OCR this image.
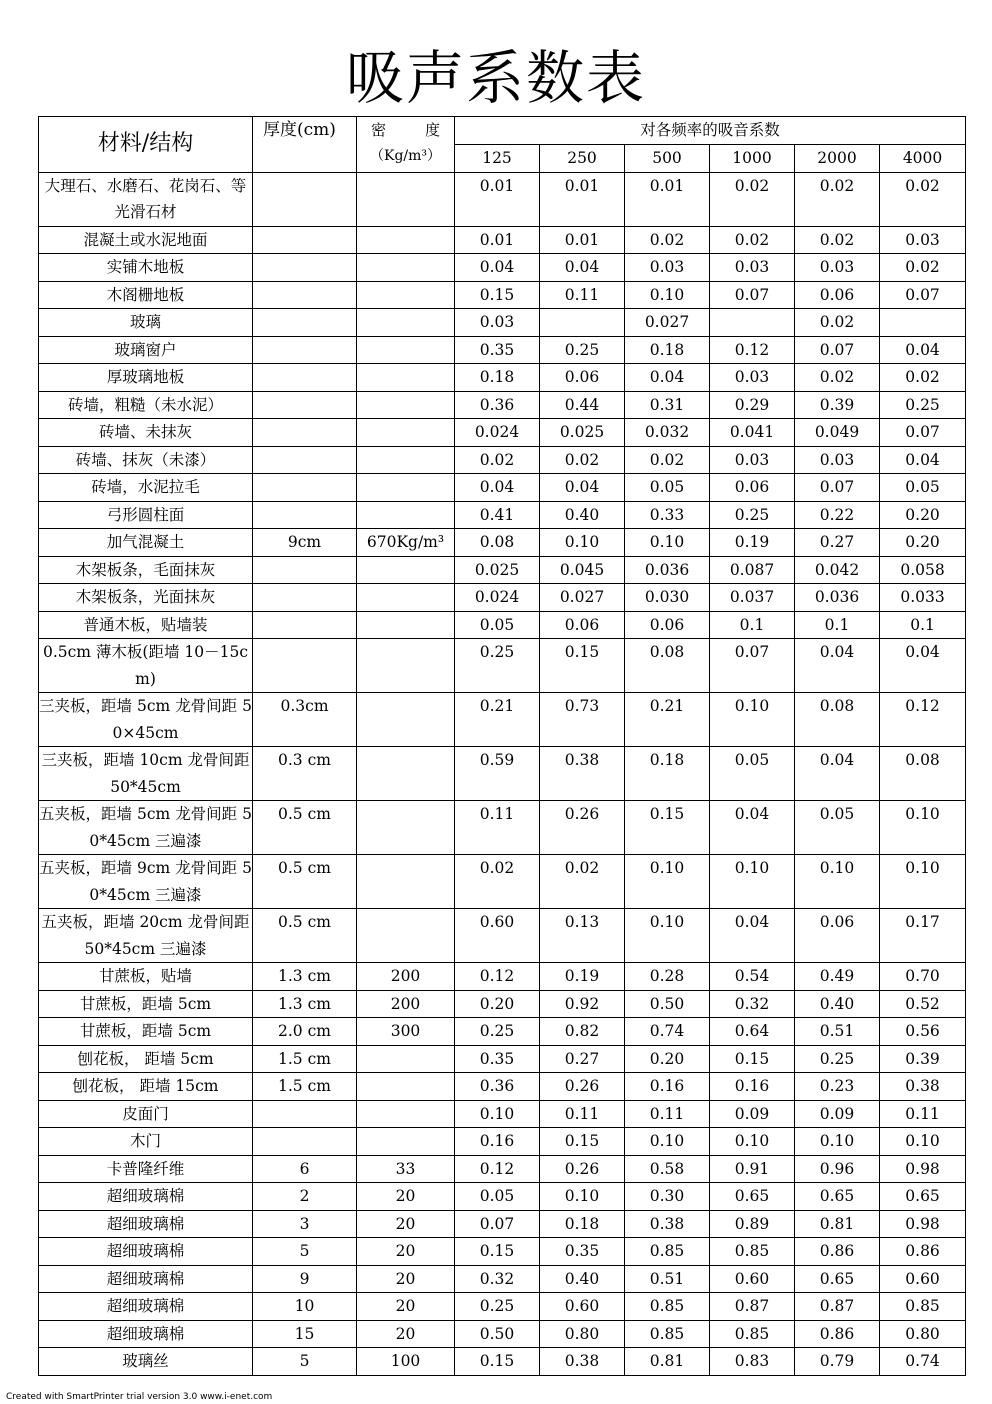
吸声系数表
材料/结构	厚度(cm)	密 度
（Kg/m³）	对各频率的吸音系数					
			125	250	500	1000	2000	4000
大理石、水磨石、花岗石、等光滑石材			0.01	0.01	0.01	0.02	0.02	0.02
混凝土或水泥地面			0.01	0.01	0.02	0.02	0.02	0.03
实铺木地板			0.04	0.04	0.03	0.03	0.03	0.02
木阁栅地板			0.15	0.11	0.10	0.07	0.06	0.07
玻璃			0.03		0.027		0.02	
玻璃窗户			0.35	0.25	0.18	0.12	0.07	0.04
厚玻璃地板			0.18	0.06	0.04	0.03	0.02	0.02
砖墙，粗糙（未水泥）			0.36	0.44	0.31	0.29	0.39	0.25
砖墙、未抹灰			0.024	0.025	0.032	0.041	0.049	0.07
砖墙、抹灰（未漆）			0.02	0.02	0.02	0.03	0.03	0.04
砖墙，水泥拉毛			0.04	0.04	0.05	0.06	0.07	0.05
弓形圆柱面			0.41	0.40	0.33	0.25	0.22	0.20
加气混凝土	9cm	670Kg/m³	0.08	0.10	0.10	0.19	0.27	0.20
木架板条，毛面抹灰			0.025	0.045	0.036	0.087	0.042	0.058
木架板条，光面抹灰			0.024	0.027	0.030	0.037	0.036	0.033
普通木板，贴墙装			0.05	0.06	0.06	0.1	0.1	0.1
0.5cm 薄木板(距墙 10－15cm)			0.25	0.15	0.08	0.07	0.04	0.04
三夹板，距墙 5cm 龙骨间距 50×45cm	0.3cm		0.21	0.73	0.21	0.10	0.08	0.12
三夹板，距墙 10cm 龙骨间距 50*45cm	0.3 cm		0.59	0.38	0.18	0.05	0.04	0.08
五夹板，距墙 5cm 龙骨间距 50*45cm 三遍漆	0.5 cm		0.11	0.26	0.15	0.04	0.05	0.10
五夹板，距墙 9cm 龙骨间距 50*45cm 三遍漆	0.5 cm		0.02	0.02	0.10	0.10	0.10	0.10
五夹板，距墙 20cm 龙骨间距 50*45cm 三遍漆	0.5 cm		0.60	0.13	0.10	0.04	0.06	0.17
甘蔗板，贴墙	1.3 cm	200	0.12	0.19	0.28	0.54	0.49	0.70
甘蔗板，距墙 5cm	1.3 cm	200	0.20	0.92	0.50	0.32	0.40	0.52
甘蔗板，距墙 5cm	2.0 cm	300	0.25	0.82	0.74	0.64	0.51	0.56
刨花板， 距墙 5cm	1.5 cm		0.35	0.27	0.20	0.15	0.25	0.39
刨花板， 距墙 15cm	1.5 cm		0.36	0.26	0.16	0.16	0.23	0.38
皮面门			0.10	0.11	0.11	0.09	0.09	0.11
木门			0.16	0.15	0.10	0.10	0.10	0.10
卡普隆纤维	6	33	0.12	0.26	0.58	0.91	0.96	0.98
超细玻璃棉	2	20	0.05	0.10	0.30	0.65	0.65	0.65
超细玻璃棉	3	20	0.07	0.18	0.38	0.89	0.81	0.98
超细玻璃棉	5	20	0.15	0.35	0.85	0.85	0.86	0.86
超细玻璃棉	9	20	0.32	0.40	0.51	0.60	0.65	0.60
超细玻璃棉	10	20	0.25	0.60	0.85	0.87	0.87	0.85
超细玻璃棉	15	20	0.50	0.80	0.85	0.85	0.86	0.80
玻璃丝	5	100	0.15	0.38	0.81	0.83	0.79	0.74
Created with SmartPrinter trial version 3.0 www.i-enet.com
